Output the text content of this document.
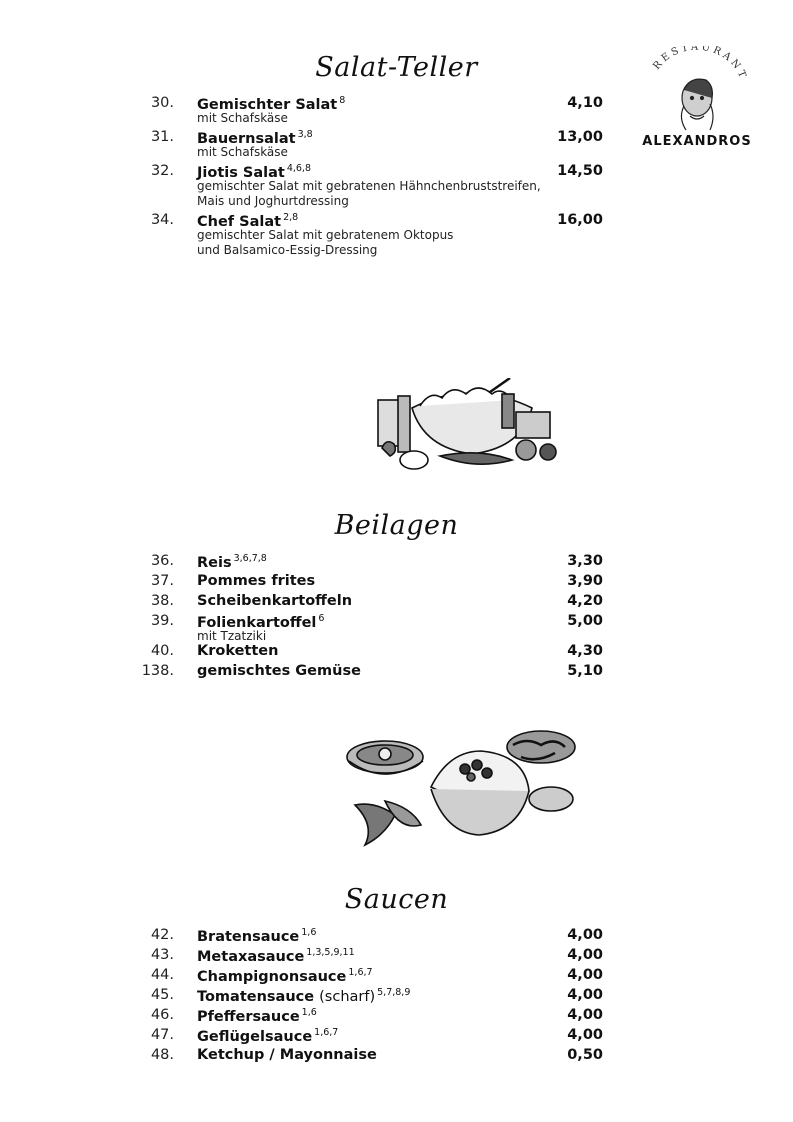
RESTAURANT
ALEXANDROS
Salat-Teller
Beilagen
Saucen
30. Gemischter Salat $^8$	4,10
mit Schafskäse
31. Bauernsalat $^{3,8}$	13,00
mit Schafskäse
32. Jiotis Salat $^{4,6,8}$	14,50
gemischter Salat mit gebratenen Hähnchenbruststreifen,
Mais und Joghurtdressing
34. Chef Salat $^{2,8}$	16,00
gemischter Salat mit gebratenem Oktopus
und Balsamico-Essig-Dressing
36. Reis $^{3,6,7,8}$	3,30
37. Pommes frites	3,90
38. Scheibenkartoffeln	4,20
39. Folienkartoffel $^6$	5,00
mit Tzatziki
40. Kroketten	4,30
138. gemischtes Gemüse	5,10
42. Bratensauce $^{1,6}$	4,00
43. Metaxasauce $^{1,3,5,9,11}$	4,00
44. Champignonsauce $^{1,6,7}$	4,00
45. Tomatensauce (scharf) $^{5,7,8,9}$	4,00
46. Pfeffersauce $^{1,6}$	4,00
47. Geflügelsauce $^{1,6,7}$	4,00
48. Ketchup / Mayonnaise	0,50
